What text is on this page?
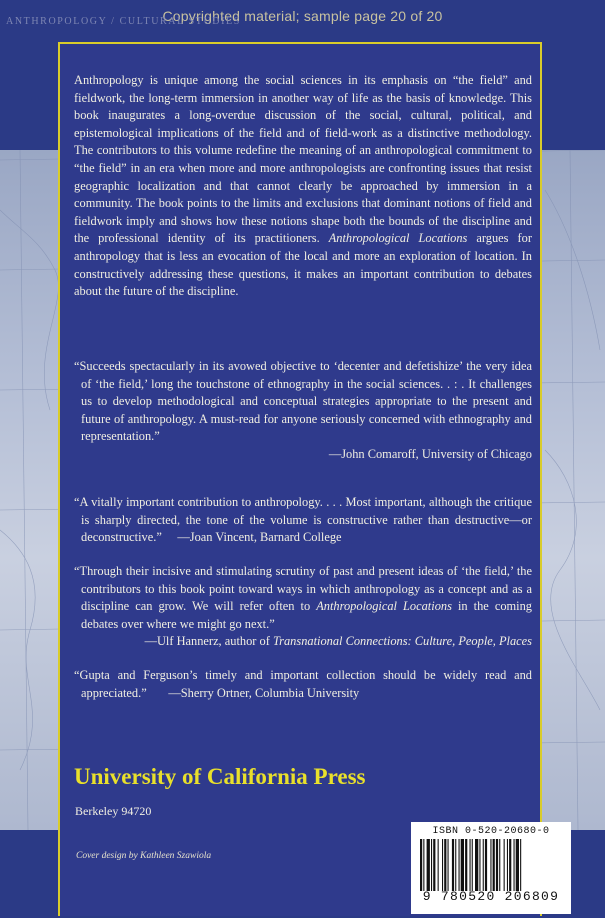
Copyrighted material; sample page 20 of 20
ANTHROPOLOGY / CULTURAL STUDIES
Anthropology is unique among the social sciences in its emphasis on “the field” and fieldwork, the long-term immersion in another way of life as the basis of knowledge. This book inaugurates a long-overdue discussion of the social, cultural, political, and epistemological implications of the field and of field-work as a distinctive methodology. The contributors to this volume redefine the meaning of an anthropological commitment to “the field” in an era when more and more anthropologists are confronting issues that resist geographic localization and that cannot clearly be approached by immersion in a community. The book points to the limits and exclusions that dominant notions of field and fieldwork imply and shows how these notions shape both the bounds of the discipline and the professional identity of its practitioners. Anthropological Locations argues for anthropology that is less an evocation of the local and more an exploration of location. In constructively addressing these questions, it makes an important contribution to debates about the future of the discipline.

“Succeeds spectacularly in its avowed objective to ‘decenter and defetishize’ the very idea of ‘the field,’ long the touchstone of ethnography in the social sciences. . : . It challenges us to develop methodological and conceptual strategies appropriate to the present and future of anthropology. A must-read for anyone seriously concerned with ethnography and representation.”

—John Comaroff, University of Chicago

“A vitally important contribution to anthropology. . . . Most important, although the critique is sharply directed, the tone of the volume is constructive rather than destructive—or deconstructive.” —Joan Vincent, Barnard College

“Through their incisive and stimulating scrutiny of past and present ideas of ‘the field,’ the contributors to this book point toward ways in which anthropology as a concept and as a discipline can grow. We will refer often to Anthropological Locations in the coming debates over where we might go next.”

—Ulf Hannerz, author of Transnational Connections: Culture, People, Places

“Gupta and Ferguson’s timely and important collection should be widely read and appreciated.” —Sherry Ortner, Columbia University

University of California Press
Berkeley 94720
Cover design by Kathleen Szawiola
ISBN 0-520-20680-0
9 780520 206809
